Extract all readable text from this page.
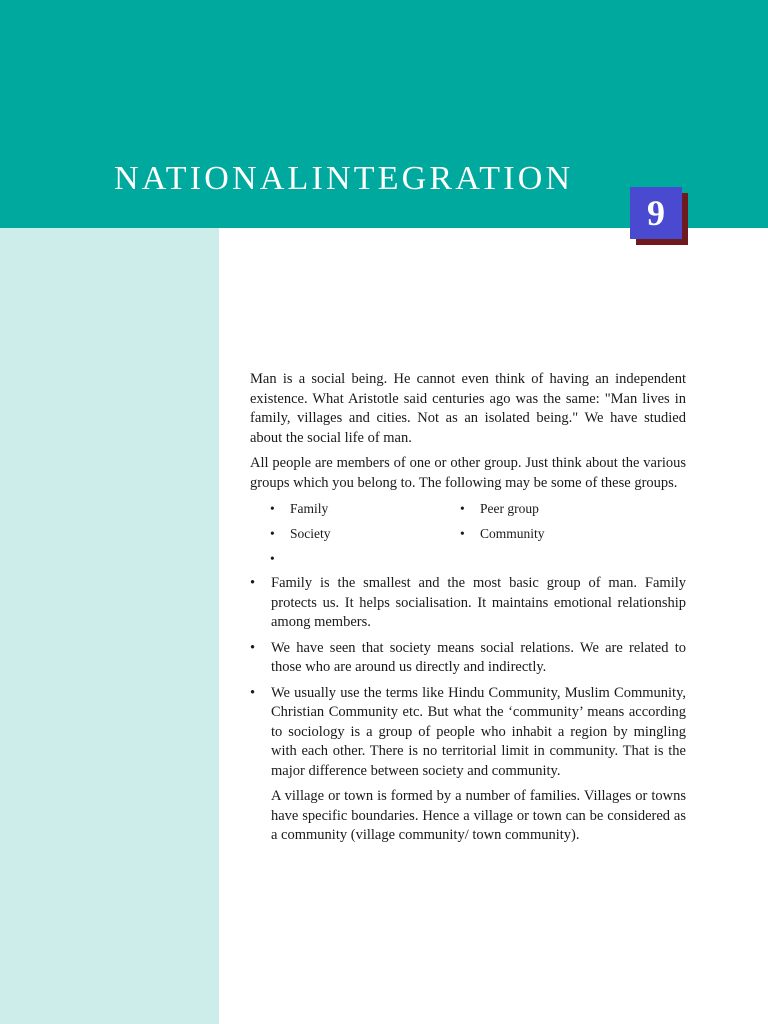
NATIONALINTEGRATION
9

Man is a social being. He cannot even think of having an independent existence. What Aristotle said centuries ago was the same: "Man lives in family, villages and cities. Not as an isolated being." We have studied about the social life of man.

All people are members of one or other group. Just think about the various groups which you belong to. The following may be some of these groups.

•	Family	•	Peer group
•	Society	•	Community
•
•	Family is the smallest and the most basic group of man. Family protects us. It helps socialisation. It maintains emotional relationship among members.
•	We have seen that society means social relations. We are related to those who are around us directly and indirectly.
•	We usually use the terms like Hindu Community, Muslim Community, Christian Community etc. But what the ‘community’ means according to sociology is a group of people who inhabit a region by mingling with each other. There is no territorial limit in community. That is the major difference between society and community.

A village or town is formed by a number of families. Villages or towns have specific boundaries. Hence a village or town can be considered as a community (village community/ town community).
